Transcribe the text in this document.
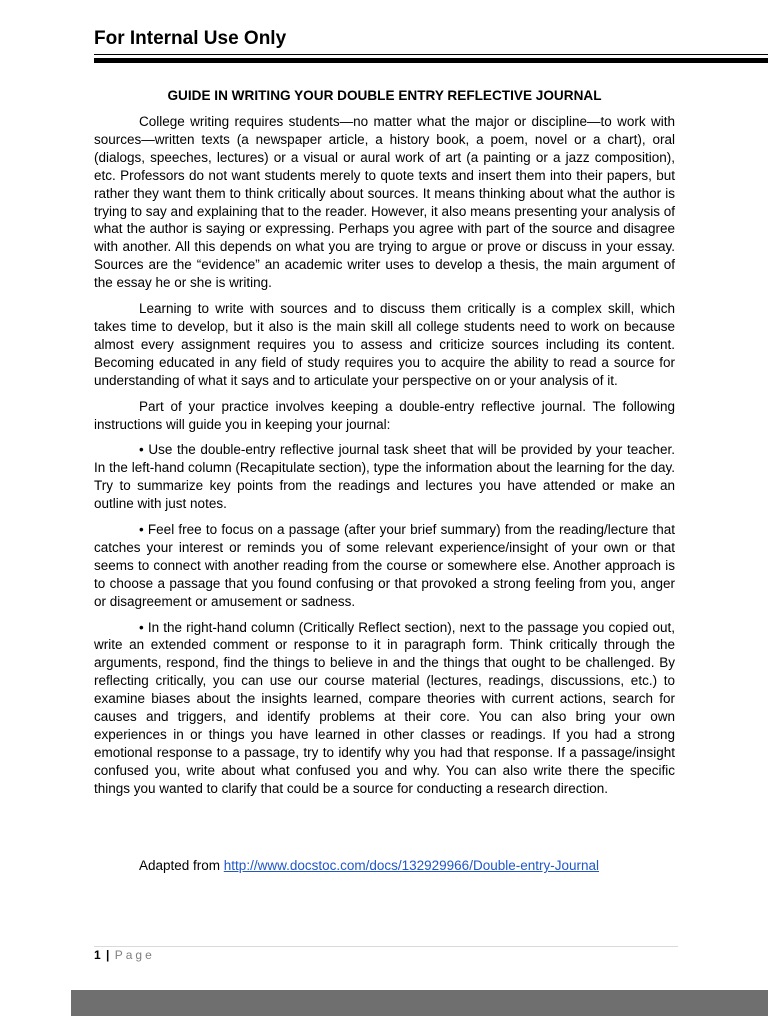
For Internal Use Only
GUIDE IN WRITING YOUR DOUBLE ENTRY REFLECTIVE JOURNAL

College writing requires students—no matter what the major or discipline—to work with sources—written texts (a newspaper article, a history book, a poem, novel or a chart), oral (dialogs, speeches, lectures) or a visual or aural work of art (a painting or a jazz composition), etc. Professors do not want students merely to quote texts and insert them into their papers, but rather they want them to think critically about sources. It means thinking about what the author is trying to say and explaining that to the reader. However, it also means presenting your analysis of what the author is saying or expressing. Perhaps you agree with part of the source and disagree with another. All this depends on what you are trying to argue or prove or discuss in your essay. Sources are the “evidence” an academic writer uses to develop a thesis, the main argument of the essay he or she is writing.

Learning to write with sources and to discuss them critically is a complex skill, which takes time to develop, but it also is the main skill all college students need to work on because almost every assignment requires you to assess and criticize sources including its content. Becoming educated in any field of study requires you to acquire the ability to read a source for understanding of what it says and to articulate your perspective on or your analysis of it.

Part of your practice involves keeping a double-entry reflective journal. The following instructions will guide you in keeping your journal:

• Use the double-entry reflective journal task sheet that will be provided by your teacher. In the left-hand column (Recapitulate section), type the information about the learning for the day. Try to summarize key points from the readings and lectures you have attended or make an outline with just notes.

• Feel free to focus on a passage (after your brief summary) from the reading/lecture that catches your interest or reminds you of some relevant experience/insight of your own or that seems to connect with another reading from the course or somewhere else. Another approach is to choose a passage that you found confusing or that provoked a strong feeling from you, anger or disagreement or amusement or sadness.

• In the right-hand column (Critically Reflect section), next to the passage you copied out, write an extended comment or response to it in paragraph form. Think critically through the arguments, respond, find the things to believe in and the things that ought to be challenged. By reflecting critically, you can use our course material (lectures, readings, discussions, etc.) to examine biases about the insights learned, compare theories with current actions, search for causes and triggers, and identify problems at their core. You can also bring your own experiences in or things you have learned in other classes or readings. If you had a strong emotional response to a passage, try to identify why you had that response. If a passage/insight confused you, write about what confused you and why. You can also write there the specific things you wanted to clarify that could be a source for conducting a research direction.

Adapted from http://www.docstoc.com/docs/132929966/Double-entry-Journal

1 | Page
